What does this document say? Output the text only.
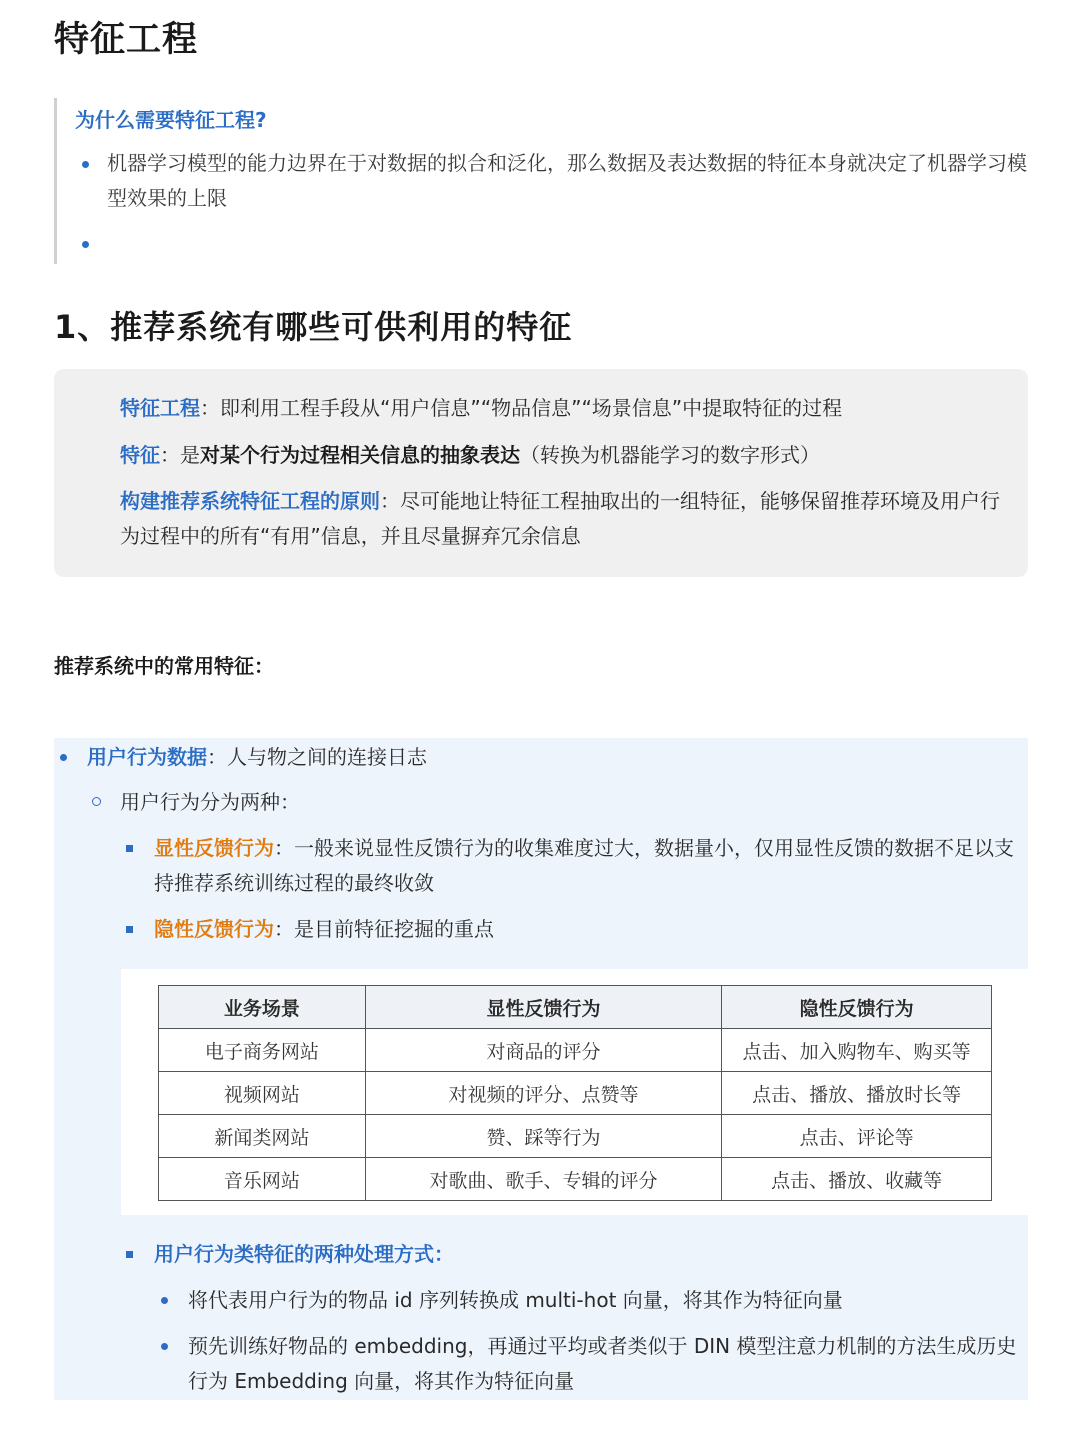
特征工程
为什么需要特征工程?
机器学习模型的能力边界在于对数据的拟合和泛化，那么数据及表达数据的特征本身就决定了机器学习模型效果的上限
1、推荐系统有哪些可供利用的特征

特征工程：即利用工程手段从“用户信息”“物品信息”“场景信息”中提取特征的过程

特征：是对某个行为过程相关信息的抽象表达（转换为机器能学习的数字形式）

构建推荐系统特征工程的原则：尽可能地让特征工程抽取出的一组特征，能够保留推荐环境及用户行为过程中的所有“有用”信息，并且尽量摒弃冗余信息

推荐系统中的常用特征：
用户行为数据：人与物之间的连接日志
用户行为分为两种：
显性反馈行为：一般来说显性反馈行为的收集难度过大，数据量小，仅用显性反馈的数据不足以支持推荐系统训练过程的最终收敛
隐性反馈行为：是目前特征挖掘的重点
业务场景	显性反馈行为	隐性反馈行为
电子商务网站	对商品的评分	点击、加入购物车、购买等
视频网站	对视频的评分、点赞等	点击、播放、播放时长等
新闻类网站	赞、踩等行为	点击、评论等
音乐网站	对歌曲、歌手、专辑的评分	点击、播放、收藏等
用户行为类特征的两种处理方式：
将代表用户行为的物品 id 序列转换成 multi-hot 向量，将其作为特征向量
预先训练好物品的 embedding，再通过平均或者类似于 DIN 模型注意力机制的方法生成历史行为 Embedding 向量，将其作为特征向量
